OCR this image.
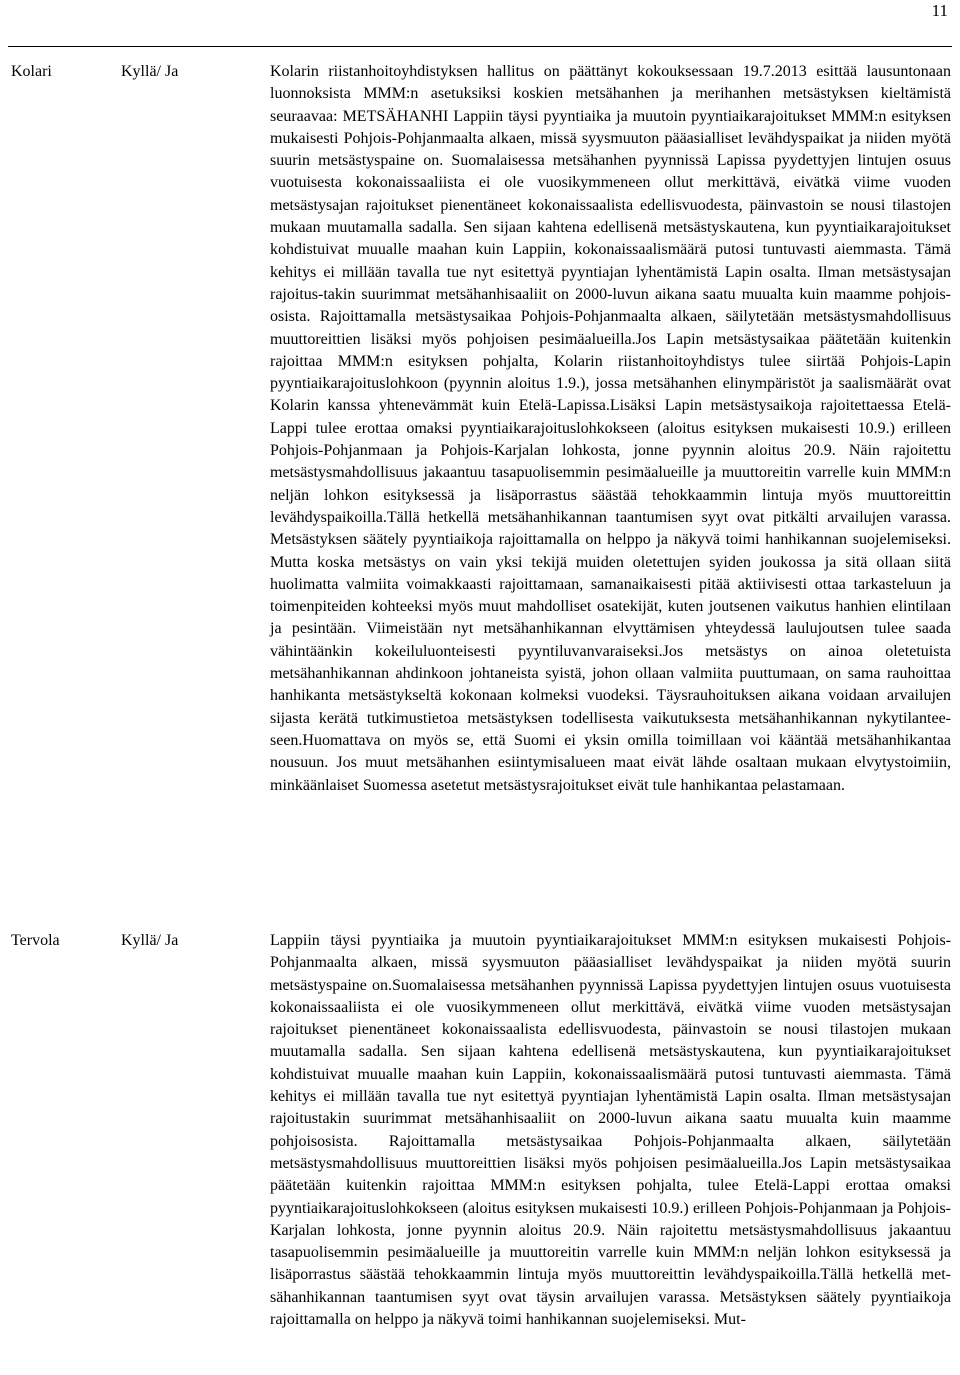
11
Kolari	Kyllä/ Ja	Kolarin riistanhoitoyhdistyksen hallitus on päättänyt kokouksessaan 19.7.2013 esittää lausuntonaan luonnoksista MMM:n asetuksiksi koskien metsähanhen ja merihanhen metsästyksen kieltämistä seuraavaa: METSÄHANHI Lappiin täysi pyyntiaika ja muutoin pyyntiaikarajoitukset MMM:n esityksen mukaisesti Pohjois-Pohjanmaalta alkaen, missä syysmuuton pääasialliset levähdyspaikat ja niiden myötä suurin metsästyspaine on. Suomalaisessa metsähanhen pyynnissä Lapissa pyydettyjen lintujen osuus vuotuisesta kokonaissaaliista ei ole vuosikymmeneen ollut merkittävä, eivätkä viime vuoden metsästysajan rajoitukset pienentäneet kokonaissaalista edellisvuodesta, päinvastoin se nousi tilastojen mukaan muutamalla sadalla. Sen sijaan kahtena edellisenä metsästyskautena, kun pyyntiaikarajoitukset kohdistuivat muualle maahan kuin Lappiin, kokonaissaalismäärä putosi tuntuvasti aiemmasta. Tämä kehitys ei millään tavalla tue nyt esitettyä pyyntiajan lyhentämistä Lapin osalta. Ilman metsästysajan rajoitus-takin suurimmat metsähanhisaaliit on 2000-luvun aikana saatu muualta kuin maamme pohjoisosista. Rajoittamalla metsästysaikaa Pohjois-Pohjanmaalta alkaen, säilytetään metsästysmahdollisuus muuttoreittien lisäksi myös pohjoisen pesimäalueilla.Jos Lapin metsästysaikaa päätetään kuitenkin rajoittaa MMM:n esityksen pohjalta, Kolarin riistanhoitoyhdistys tulee siirtää Pohjois-Lapin pyyntiaikarajoituslohkoon (pyynnin aloitus 1.9.), jossa metsähanhen elinympäristöt ja saalismäärät ovat Kolarin kanssa yhtenevämmät kuin Etelä-Lapissa.Lisäksi Lapin metsästysaikoja rajoitettaessa Etelä-Lappi tulee erottaa omaksi pyyntiaikarajoituslohkokseen (aloitus esityksen mukaisesti 10.9.) erilleen Pohjois-Pohjanmaan ja Pohjois-Karjalan lohkosta, jonne pyynnin aloitus 20.9. Näin rajoitettu metsästysmahdollisuus jakaantuu tasapuolisemmin pesimäalueille ja muuttoreitin varrelle kuin MMM:n neljän lohkon esityksessä ja lisäporrastus säästää tehokkaammin lintuja myös muuttoreittin levähdyspaikoilla.Tällä hetkellä metsähanhikannan taantumisen syyt ovat pitkälti arvailujen varassa. Metsästyksen säätely pyyntiaikoja rajoittamalla on helppo ja näkyvä toimi hanhikannan suojelemiseksi. Mutta koska metsästys on vain yksi tekijä muiden oletettujen syiden joukossa ja sitä ollaan siitä huolimatta valmiita voimakkaasti rajoittamaan, samanaikaisesti pitää aktiivisesti ottaa tarkasteluun ja toimenpiteiden kohteeksi myös muut mahdolliset osatekijät, kuten joutsenen vaikutus hanhien elintilaan ja pesintään. Viimeistään nyt metsähanhikannan elvyttämisen yhteydessä laulujoutsen tulee saada vähintäänkin kokeiluluonteisesti pyyntiluvanvaraiseksi.Jos metsästys on ainoa oletetuista metsähanhikannan ahdinkoon johtaneista syistä, johon ollaan valmiita puuttumaan, on sama rauhoittaa hanhikanta metsästykseltä kokonaan kolmeksi vuodeksi. Täysrauhoituksen aikana voidaan arvailujen sijasta kerätä tutkimustietoa metsästyksen todellisesta vaikutuksesta metsähanhikannan nykytilanteeseen.Huomattava on myös se, että Suomi ei yksin omilla toimillaan voi kääntää metsähanhikantaa nousuun. Jos muut metsähanhen esiintymisalueen maat eivät lähde osaltaan mukaan elvytystoimiin, minkäänlaiset Suomessa asetetut metsästysrajoitukset eivät tule hanhikantaa pelastamaan.
Tervola	Kyllä/ Ja	Lappiin täysi pyyntiaika ja muutoin pyyntiaikarajoitukset MMM:n esityksen mukaisesti Pohjois-Pohjanmaalta alkaen, missä syysmuuton pääasialliset levähdyspaikat ja niiden myötä suurin metsästyspaine on.Suomalaisessa metsähanhen pyynnissä Lapissa pyydettyjen lintujen osuus vuotuisesta kokonaissaaliista ei ole vuosikymmeneen ollut merkittävä, eivätkä viime vuoden metsästysajan rajoitukset pienentäneet kokonaissaalista edellisvuodesta, päinvastoin se nousi tilastojen mukaan muutamalla sadalla. Sen sijaan kahtena edellisenä metsästyskautena, kun pyyntiaikarajoitukset kohdistuivat muualle maahan kuin Lappiin, kokonaissaalismäärä putosi tuntuvasti aiemmasta. Tämä kehitys ei millään tavalla tue nyt esitettyä pyyntiajan lyhentämistä Lapin osalta. Ilman metsästysajan rajoitustakin suurimmat metsähanhisaaliit on 2000-luvun aikana saatu muualta kuin maamme pohjoisosista. Rajoittamalla metsästysaikaa Pohjois-Pohjanmaalta alkaen, säilytetään metsästysmahdollisuus muuttoreittien lisäksi myös pohjoisen pesimäalueilla.Jos Lapin metsästysaikaa päätetään kuitenkin rajoittaa MMM:n esityksen pohjalta, tulee Etelä-Lappi erottaa omaksi pyyntiaikarajoituslohkokseen (aloitus esityksen mukaisesti 10.9.) erilleen Pohjois-Pohjanmaan ja Pohjois-Karjalan lohkosta, jonne pyynnin aloitus 20.9. Näin rajoitettu metsästysmahdollisuus jakaantuu tasapuolisemmin pesimäalueille ja muuttoreitin varrelle kuin MMM:n neljän lohkon esityksessä ja lisäporrastus säästää tehokkaammin lintuja myös muuttoreittin levähdyspaikoilla.Tällä hetkellä metsähanhikannan taantumisen syyt ovat täysin arvailujen varassa. Metsästyksen säätely pyyntiaikoja rajoittamalla on helppo ja näkyvä toimi hanhikannan suojelemiseksi. Mut-
